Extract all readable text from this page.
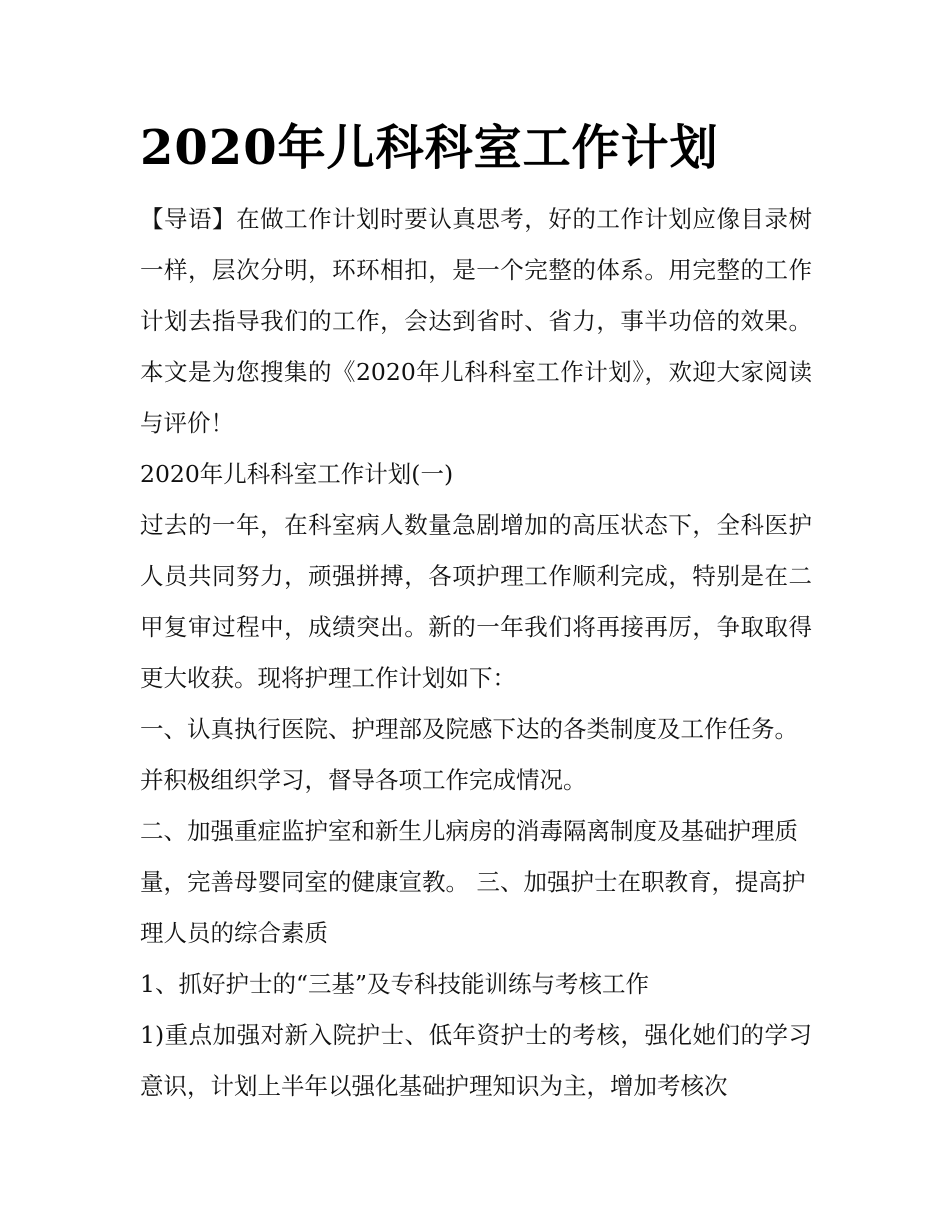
2020年儿科科室工作计划

【导语】在做工作计划时要认真思考，好的工作计划应像目录树一样，层次分明，环环相扣，是一个完整的体系。用完整的工作计划去指导我们的工作，会达到省时、省力，事半功倍的效果。本文是为您搜集的《2020年儿科科室工作计划》，欢迎大家阅读与评价！

2020年儿科科室工作计划(一)

过去的一年，在科室病人数量急剧增加的高压状态下，全科医护人员共同努力，顽强拼搏，各项护理工作顺利完成，特别是在二甲复审过程中，成绩突出。新的一年我们将再接再厉，争取取得更大收获。现将护理工作计划如下：

一、认真执行医院、护理部及院感下达的各类制度及工作任务。并积极组织学习，督导各项工作完成情况。

二、加强重症监护室和新生儿病房的消毒隔离制度及基础护理质量，完善母婴同室的健康宣教。 三、加强护士在职教育，提高护理人员的综合素质

1、抓好护士的“三基”及专科技能训练与考核工作

1)重点加强对新入院护士、低年资护士的考核，强化她们的学习意识，计划上半年以强化基础护理知识为主，增加考核次
